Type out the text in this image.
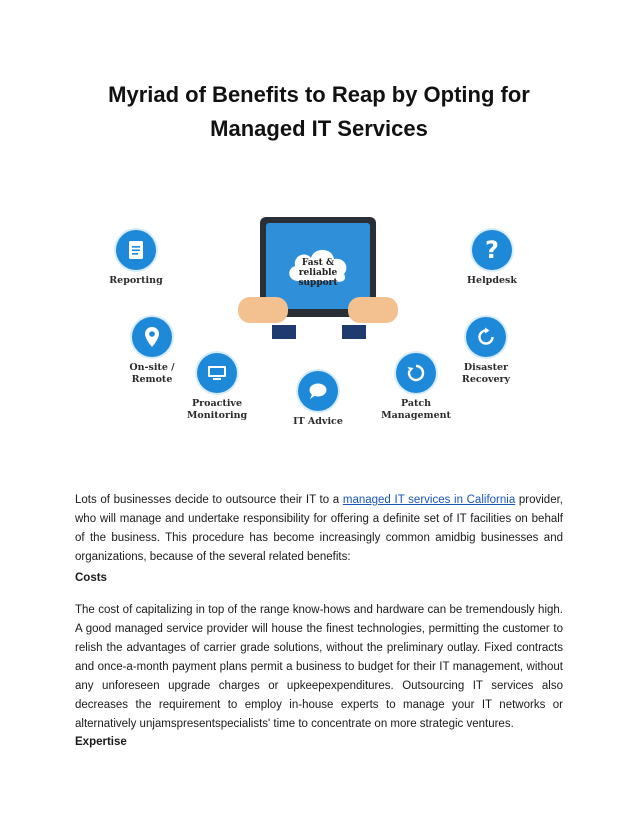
Myriad of Benefits to Reap by Opting for
Managed IT Services
Fast &
reliable
support
Reporting
?
Helpdesk
On-site /
Remote
Proactive
Monitoring
IT Advice
Patch
Management
Disaster
Recovery

Lots of businesses decide to outsource their IT to a managed IT services in California provider, who will manage and undertake responsibility for offering a definite set of IT facilities on behalf of the business. This procedure has become increasingly common amidbig businesses and organizations, because of the several related benefits:

Costs

The cost of capitalizing in top of the range know-hows and hardware can be tremendously high. A good managed service provider will house the finest technologies, permitting the customer to relish the advantages of carrier grade solutions, without the preliminary outlay. Fixed contracts and once-a-month payment plans permit a business to budget for their IT management, without any unforeseen upgrade charges or upkeepexpenditures. Outsourcing IT services also decreases the requirement to employ in-house experts to manage your IT networks or alternatively unjamspresentspecialists' time to concentrate on more strategic ventures.

Expertise
